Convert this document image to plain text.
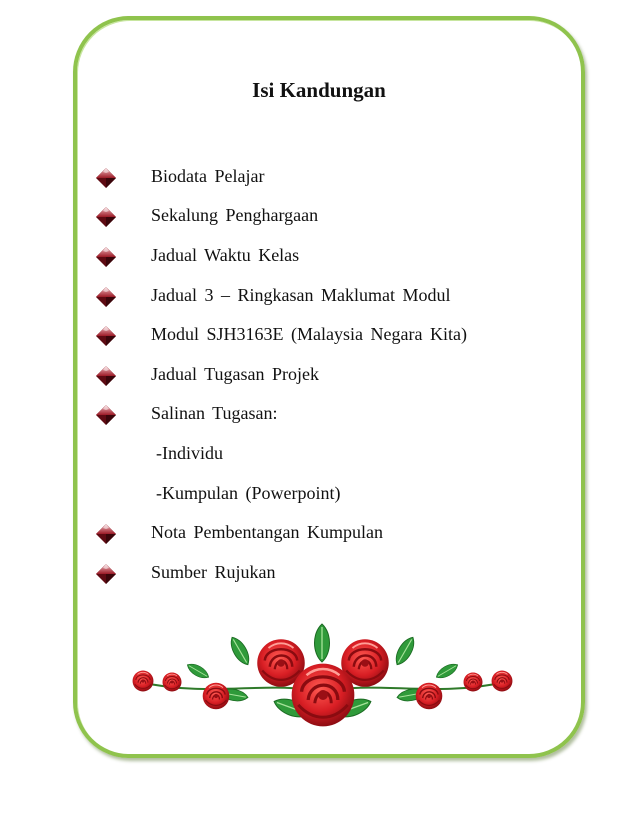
Isi Kandungan
Biodata Pelajar
Sekalung Penghargaan
Jadual Waktu Kelas
Jadual 3 – Ringkasan Maklumat Modul
Modul SJH3163E (Malaysia Negara Kita)
Jadual Tugasan Projek
Salinan Tugasan:
-Individu
-Kumpulan (Powerpoint)
Nota Pembentangan Kumpulan
Sumber Rujukan
